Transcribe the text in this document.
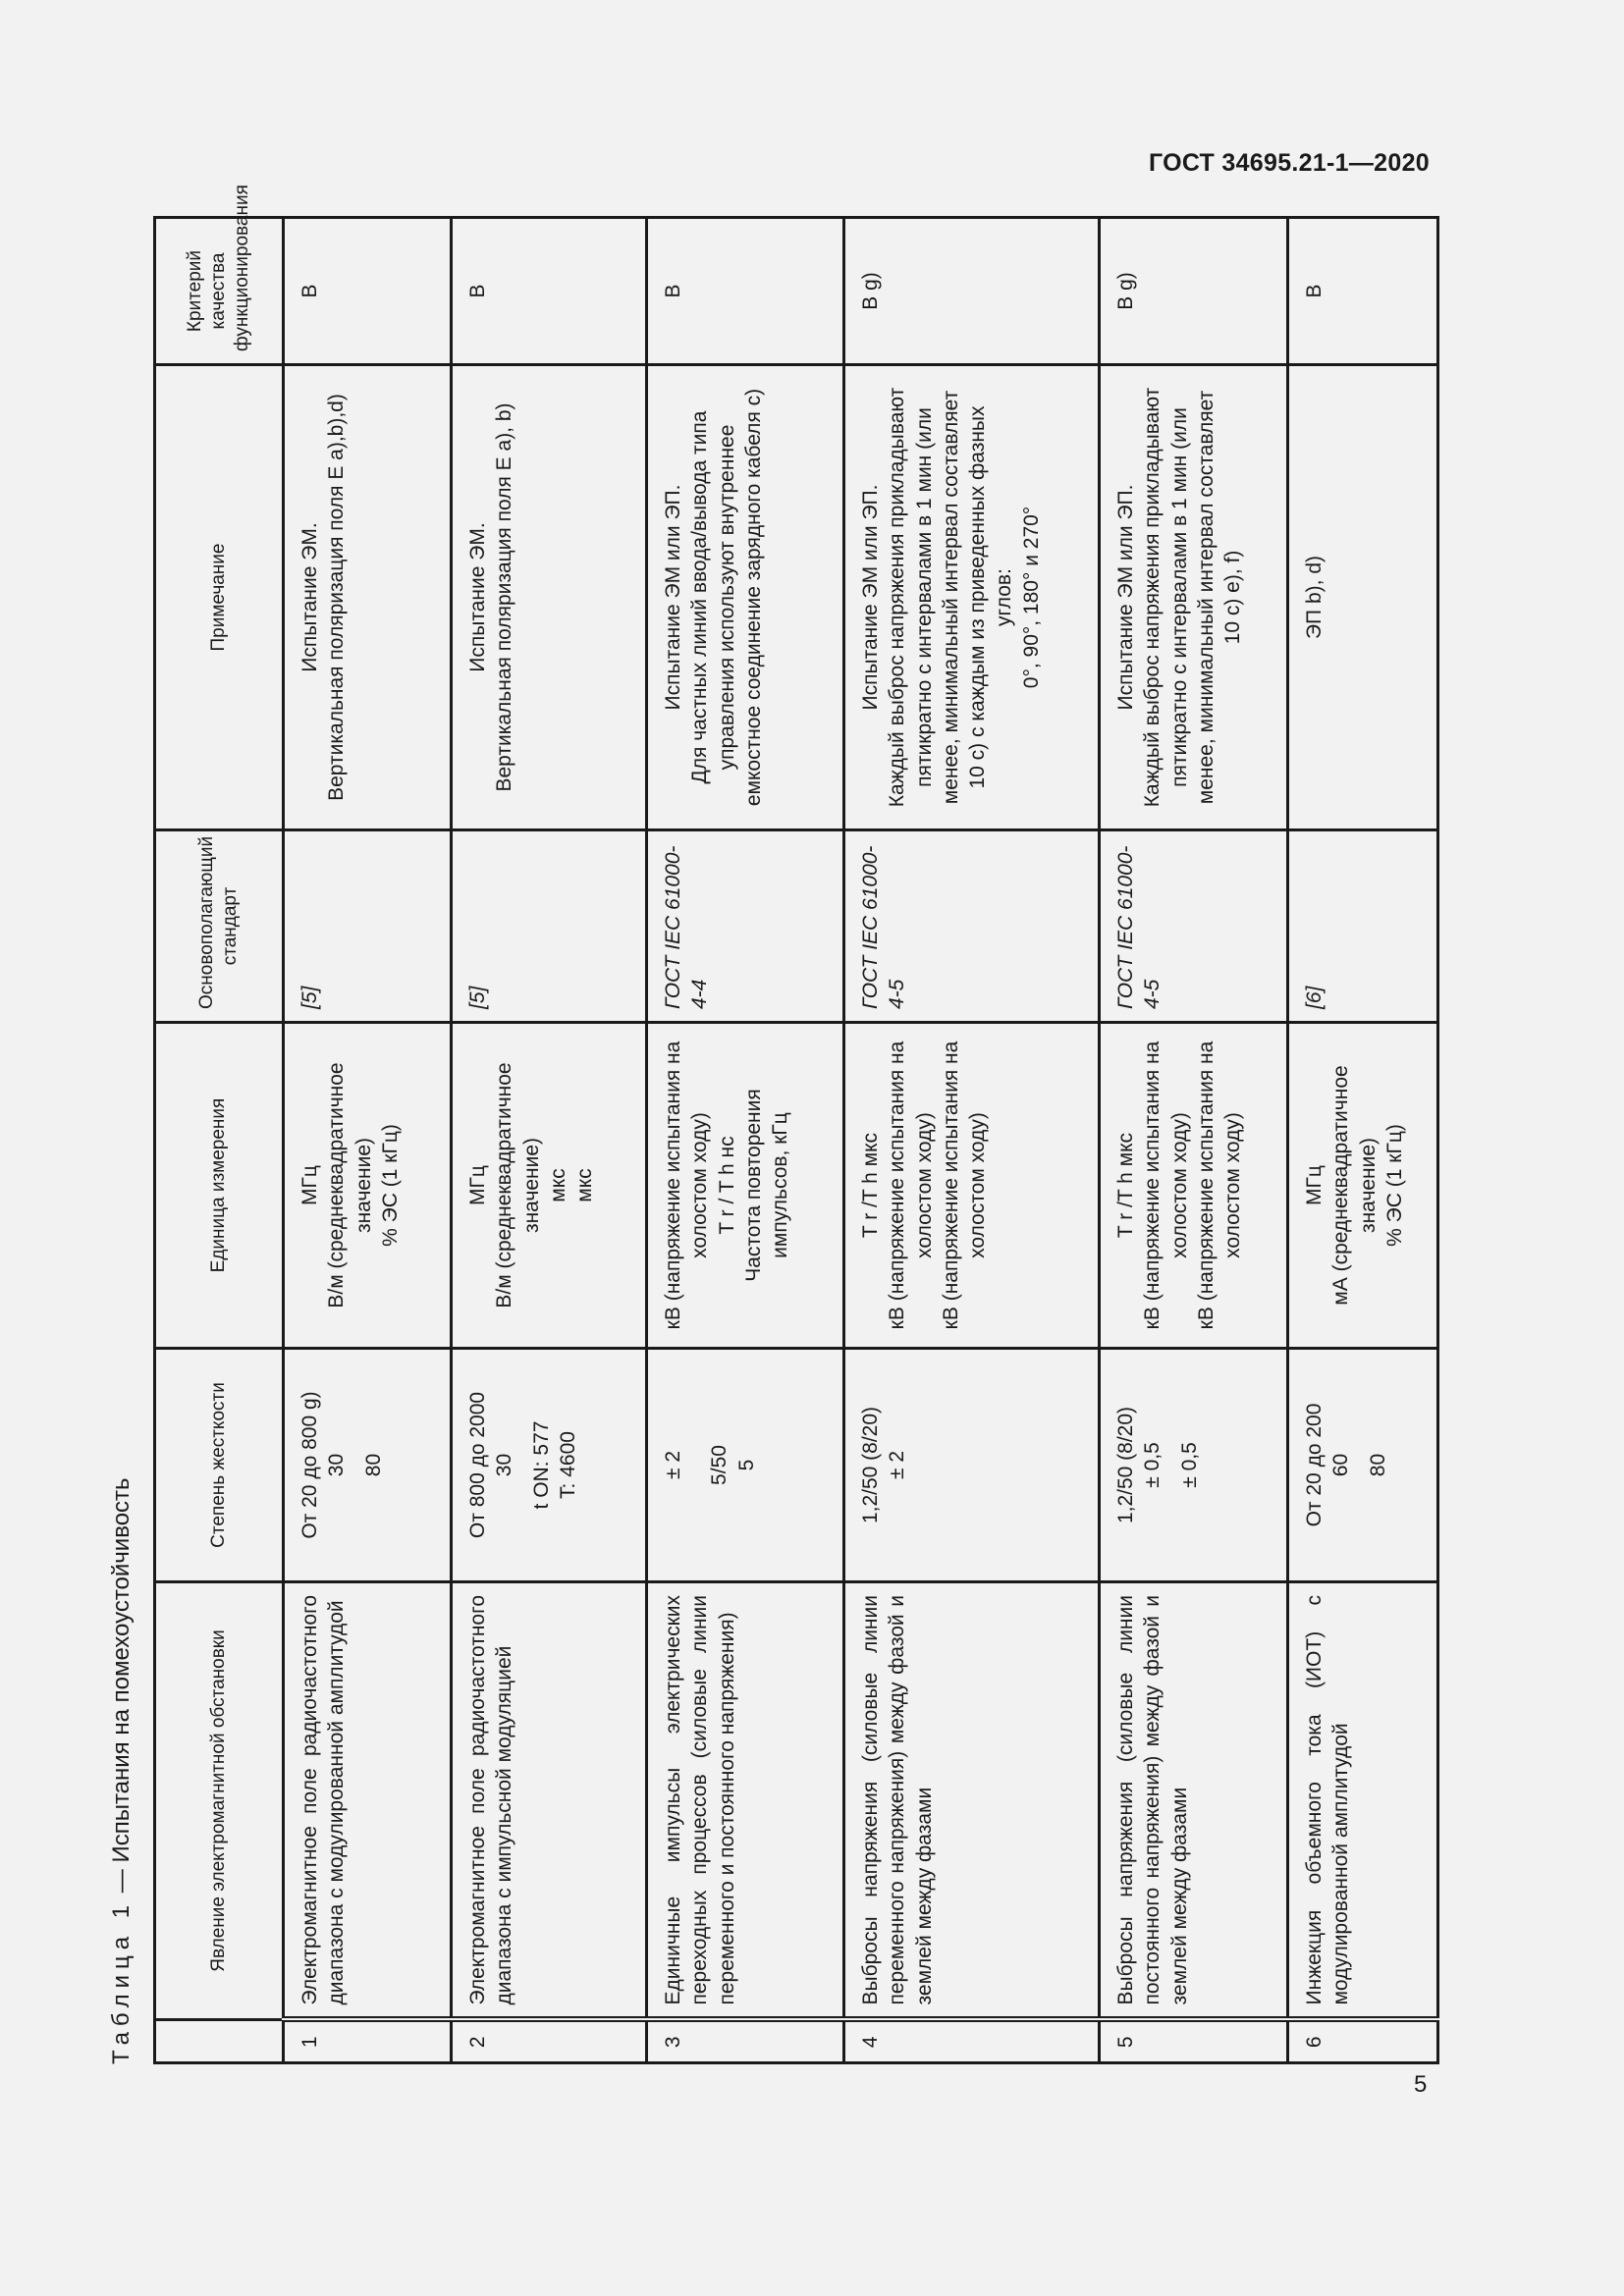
ГОСТ 34695.21-1—2020
Таблица 1 — Испытания на помехоустойчивость
		Явление электромагнитной обстановки	Степень жесткости	Единица измерения	Основополагающий стандарт	Примечание	Критерий качества функционирования
1	Электромагнитное поле радиочастотного диапазона с модулированной амплитудой	От 20 до 800 g) 30 80	МГц В/м (среднеквадратичное значение) % ЭС (1 кГц)	[5]	Испытание ЭМ. Вертикальная поляризация поля E a),b),d)	В
2	Электромагнитное поле радиочастотного диапазона с импульсной модуляцией	От 800 до 2000 30 t ON: 577 T: 4600	МГц В/м (среднеквадратичное значение) мкс мкс	[5]	Испытание ЭМ. Вертикальная поляризация поля E a), b)	В
3	Единичные импульсы электрических переходных процессов (силовые линии переменного и постоянного напряжения)	± 2 5/50 5	кВ (напряжение испытания на холостом ходу) T r / T h нс Частота повторения импульсов, кГц	ГОСТ IEC 61000-4-4	Испытание ЭМ или ЭП. Для частных линий ввода/вывода типа управления используют внутреннее емкостное соединение зарядного кабеля c)	В
4	Выбросы напряжения (силовые линии переменного напряжения) между фазой и землей между фазами	1,2/50 (8/20) ± 2	T r /T h мкс кВ (напряжение испытания на холостом ходу) кВ (напряжение испытания на холостом ходу)	ГОСТ IEC 61000-4-5	Испытание ЭМ или ЭП. Каждый выброс напряжения прикладывают пятикратно с интервалами в 1 мин (или менее, минимальный интервал составляет 10 с) с каждым из приведенных фазных углов: 0°, 90°, 180° и 270°	В g)
5	Выбросы напряжения (силовые линии постоянного напряжения) между фазой и землей между фазами	1,2/50 (8/20) ± 0,5 ± 0,5	T r /T h мкс кВ (напряжение испытания на холостом ходу) кВ (напряжение испытания на холостом ходу)	ГОСТ IEC 61000-4-5	Испытание ЭМ или ЭП. Каждый выброс напряжения прикладывают пятикратно с интервалами в 1 мин (или менее, минимальный интервал составляет 10 с) e), f)	В g)
6	Инжекция объемного тока (ИОТ) с модулированной амплитудой	От 20 до 200 60 80	МГц мА (среднеквадратичное значение) % ЭС (1 кГц)	[6]	ЭП b), d)	В
5
